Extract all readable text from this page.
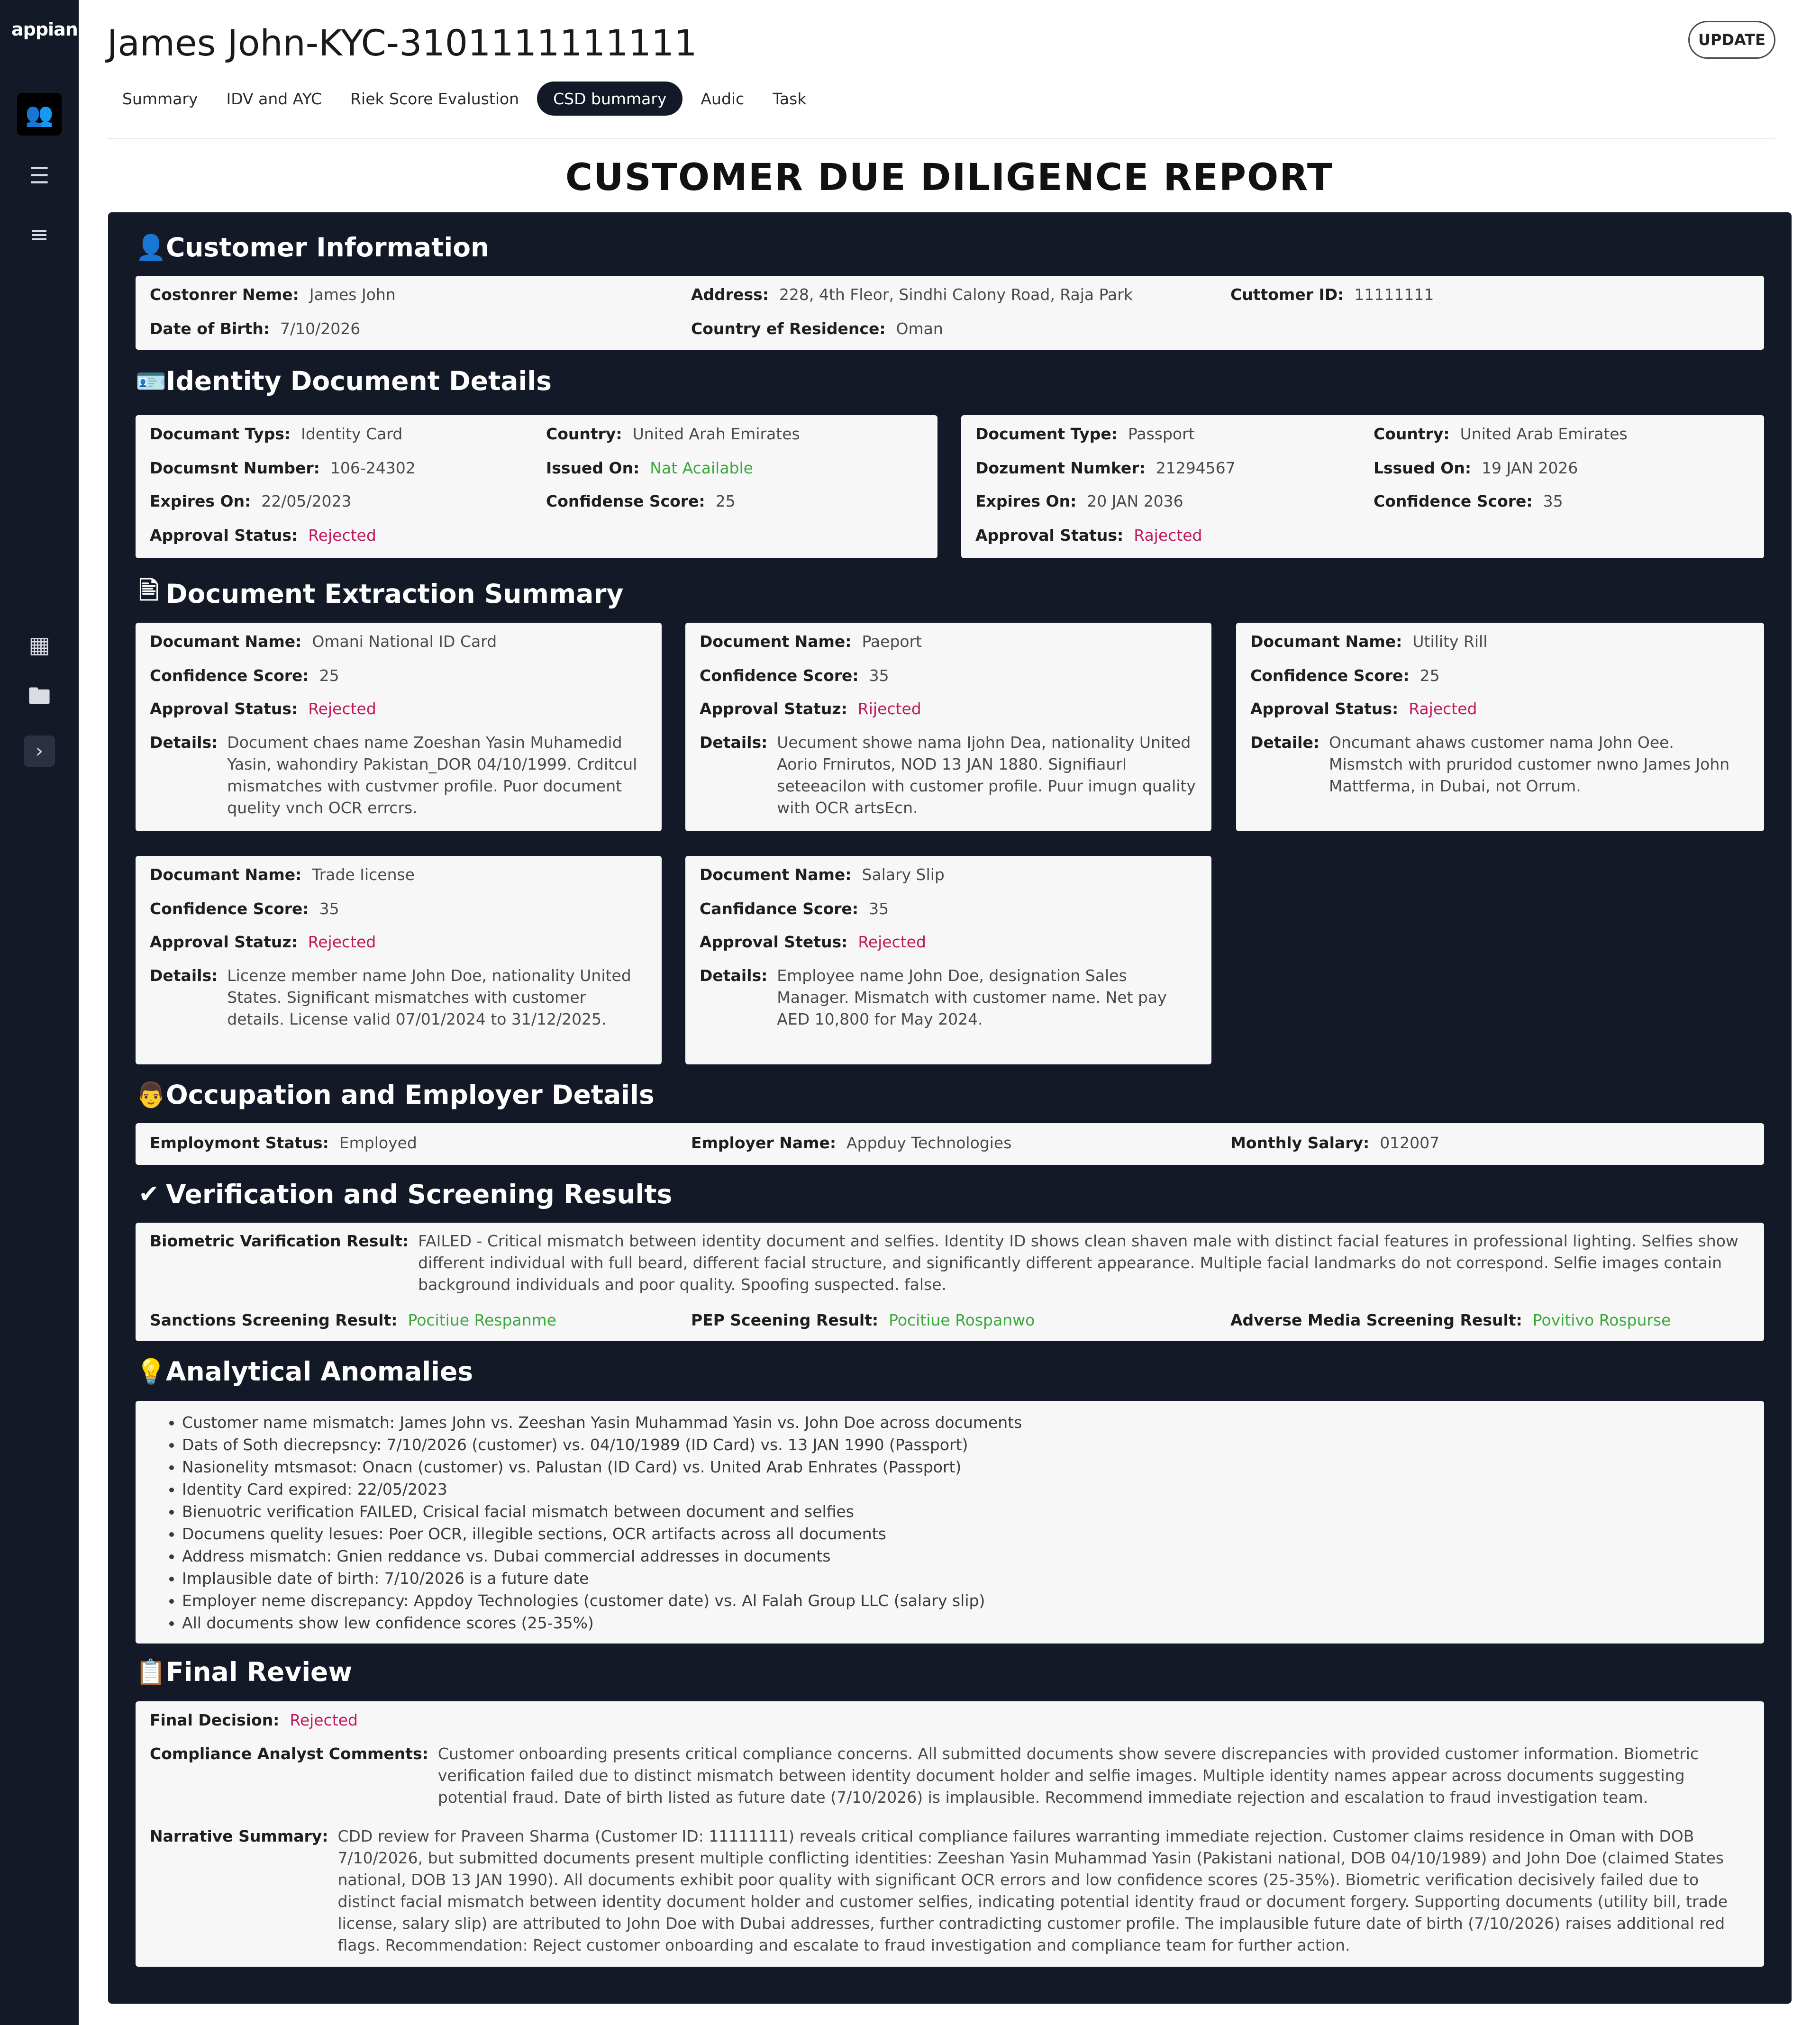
appian
👥
☰
≡
▦
🖿
›
James John-KYC-3101111111111	UPDATE
Summary	IDV and AYC	Riek Score Evalustion	CSD bummary	Audic	Task
CUSTOMER DUE DILIGENCE REPORT
👤 Customer Information
Costonrer Neme: James John	Address: 228, 4th Fleor, Sindhi Calony Road, Raja Park	Cuttomer ID: 11111111
Date of Birth: 7/10/2026	Country ef Residence: Oman
🪪 Identity Document Details
Documant Typs: Identity Card	Country: United Arah Emirates
Documsnt Number: 106-24302	Issued On: Nat Acailable
Expires On: 22/05/2023	Confidense Score: 25
Approval Status: Rejected
Document Type: Passport	Country: United Arab Emirates
Dozument Numker: 21294567	Lssued On: 19 JAN 2026
Expires On: 20 JAN 2036	Confidence Score: 35
Approval Status: Rajected
🖹 Document Extraction Summary
Documant Name: Omani National ID Card
Confidence Score: 25
Approval Status: Rejected
Details: Document chaes name Zoeshan Yasin Muhamedid Yasin, wahondiry Pakistan_DOR 04/10/1999. Crditcul mismatches with custvmer profile. Puor document quelity vnch OCR errcrs.
Document Name: Paeport
Confidence Score: 35
Approval Statuz: Rijected
Details: Uecument showe nama Ijohn Dea, nationality United Aorio Frnirutos, NOD 13 JAN 1880. Signifiaurl seteeacilon with customer profile. Puur imugn quality with OCR artsEcn.
Documant Name: Utility Rill
Confidence Score: 25
Approval Status: Rajected
Detaile: Oncumant ahaws customer nama John Oee. Mismstch with pruridod customer nwno James John Mattferma, in Dubai, not Orrum.
Documant Name: Trade Iicense
Confidence Score: 35
Approval Statuz: Rejected
Details: Licenze member name John Doe, nationality United States. Significant mismatches with customer details. License valid 07/01/2024 to 31/12/2025.
Document Name: Salary Slip
Canfidance Score: 35
Approval Stetus: Rejected
Details: Employee name John Doe, designation Sales Manager. Mismatch with customer name. Net pay AED 10,800 for May 2024.
👨 Occupation and Employer Details
Employmont Status: Employed	Employer Name: Appduy Technologies	Monthly Salary: 012007
✔ Verification and Screening Results
Biometric Varification Result: FAILED - Critical mismatch between identity document and selfies. Identity ID shows clean shaven male with distinct facial features in professional lighting. Selfies show different individual with full beard, different facial structure, and significantly different appearance. Multiple facial landmarks do not correspond. Selfie images contain background individuals and poor quality. Spoofing suspected. false.
Sanctions Screening Result: Pocitiue Respanme	PEP Sceening Result: Pocitiue Rospanwo	Adverse Media Screening Result: Povitivo Rospurse
💡 Analytical Anomalies
• Customer name mismatch: James John vs. Zeeshan Yasin Muhammad Yasin vs. John Doe across documents
• Dats of Soth diecrepsncy: 7/10/2026 (customer) vs. 04/10/1989 (ID Card) vs. 13 JAN 1990 (Passport)
• Nasionelity mtsmasot: Onacn (customer) vs. Palustan (ID Card) vs. United Arab Enhrates (Passport)
• Identity Card expired: 22/05/2023
• Bienuotric verification FAILED, Crisical facial mismatch between document and selfies
• Documens quelity lesues: Poer OCR, illegible sections, OCR artifacts across all documents
• Address mismatch: Gnien reddance vs. Dubai commercial addresses in documents
• Implausible date of birth: 7/10/2026 is a future date
• Employer neme discrepancy: Appdoy Technologies (customer date) vs. Al Falah Group LLC (salary slip)
• All documents show lew confidence scores (25-35%)
📋 Final Review
Final Decision: Rejected
Compliance Analyst Comments: Customer onboarding presents critical compliance concerns. All submitted documents show severe discrepancies with provided customer information. Biometric verification failed due to distinct mismatch between identity document holder and selfie images. Multiple identity names appear across documents suggesting potential fraud. Date of birth listed as future date (7/10/2026) is implausible. Recommend immediate rejection and escalation to fraud investigation team.
Narrative Summary: CDD review for Praveen Sharma (Customer ID: 11111111) reveals critical compliance failures warranting immediate rejection. Customer claims residence in Oman with DOB 7/10/2026, but submitted documents present multiple conflicting identities: Zeeshan Yasin Muhammad Yasin (Pakistani national, DOB 04/10/1989) and John Doe (claimed States national, DOB 13 JAN 1990). All documents exhibit poor quality with significant OCR errors and low confidence scores (25-35%). Biometric verification decisively failed due to distinct facial mismatch between identity document holder and customer selfies, indicating potential identity fraud or document forgery. Supporting documents (utility bill, trade license, salary slip) are attributed to John Doe with Dubai addresses, further contradicting customer profile. The implausible future date of birth (7/10/2026) raises additional red flags. Recommendation: Reject customer onboarding and escalate to fraud investigation and compliance team for further action.
